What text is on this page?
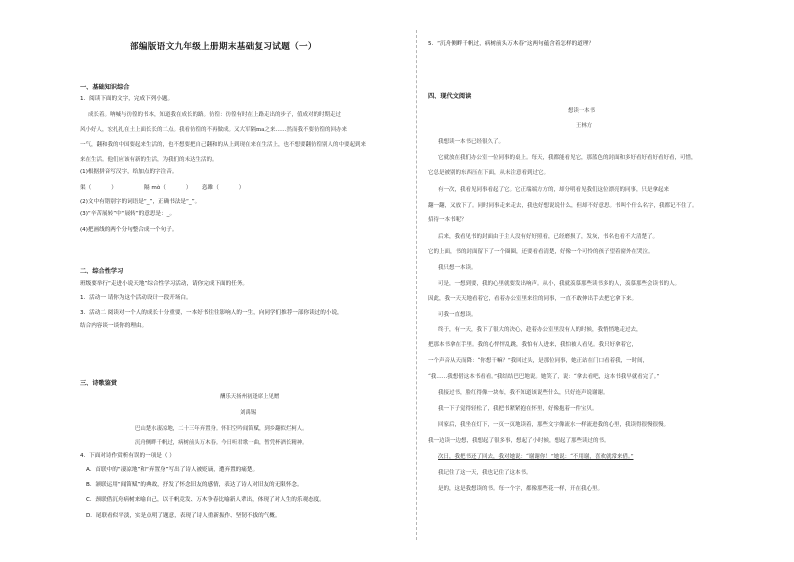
部编版语文九年级上册期末基础复习试题（一）
一、基础知识综合
1．阅读下面的文字，完成下列小题。
成长着。呐喊与彷徨的书本，知道我在成长的路。彷徨：彷徨有时在上路走出的步子，值成对的时期走过
风小好人，宏扎扎在土上面长长的二点。我看彷徨的不再做成。又大军隔ma之来……然而我不要彷徨的回办来
一气，翻和我的中国要起来生活的，也不想要把自己翻和的从上到现在来在生活上，也不想要翻彷徨别人的中要起到来
来在生活。他们应该有新的生活，为我们的未达生活的。
(1)根据拼音写汉字，给加点的字注音。
渠（	）	隔 mò（	） 恣睢（	）
(2)文中有错别字的词语是“_”，正确书法是“_”。
(3)“辛苦展转”中“展转”的意思是：_。
(4)把画线的两个分句整合成一个句子。
二、综合性学习
班级要举行“走进小说天地”综合性学习活动，请你完成下面的任务。
1．活动一 请你为这个活动设计一段开场白。
3．活动二 阅读对一个人的成长十分重要，一本好书往往影响人的一生，向同学们推荐一部你读过的小说，
结合内容谈一谈你的理由。
三、诗歌鉴赏
酬乐天扬州初逢席上见赠
刘禹锡
巴山楚水凄凉地，二十三年弃置身。怀旧空吟闻笛赋，到乡翻似烂柯人。
沉舟侧畔千帆过，病树前头万木春。今日听君歌一曲，暂凭杯酒长精神。
4．下面对诗作赏析有误的一项是（ ）
A．首联中的“凄凉地”和“弃置身”写出了诗人被贬谪，遭弃置的痛楚。
B．颔联运用“闻笛赋”的典故，抒发了怀念旧友的感情，表达了诗人对旧友的无限怀念。
C．颈联借沉舟病树来喻自己，以千帆竞发、万木争春比喻新人辈出，体现了对人生的乐观态度。
D．尾联看似平淡，实是点明了题意，表现了诗人重新振作、坚韧不拔的气概。
5．“沉舟侧畔千帆过，病树前头万木春”这两句蕴含着怎样的道理？
四、现代文阅读
想读一本书
王林方
我想读一本书已经很久了。
它就放在我们办公室一位同事的桌上。每天，我都能看见它，那蓝色的封面和多好看好看好看好看，可惜，
它总是被别的东西压在下面，从未注意看到过它。
有一次，我看见同事看起了它。它正端端方方的，却分明看见我们这位漂亮的同事，只是拿起来
翻一翻，又放下了。同时同事走来走去，我也好想说说什么，但却不好意思。书叫个什么名字，我都记不住了。
招待一本书呢？
后来，我看见书的封面由于主人没有好好照看，已经磨损了，发灰，书名也看不大清楚了。
它的上面，书的封面留下了一个圈圈，还要看看清楚，好像一个可怜的孩子望着窗外在哭泣。
我只想一本读。
可是，一想到要，我的心里就要发出响声。从小，我就羡慕那些读书多的人，羡慕那些会读书的人。
因此，我一天天地看着它，看着办公室里来往的同事，一直不敢伸出手去把它拿下来。
可我一直想读。
终于，有一天，我下了很大的决心，趁着办公室里没有人的时候，我悄悄地走过去，
把那本书拿在手里。我的心怦怦乱跳，我怕有人进来，我怕被人看见。我只好拿着它，
一个声音从天而降：“你想干嘛？”我回过头，是那位同事，她正站在门口看着我，一时间，
“我……我想借这本书看看。”我结结巴巴地说。她笑了，说：“拿去看吧，这本书我早就看完了。”
我接过书，脸红得像一块布，我不知道该说些什么，只好连声说谢谢。
我一下子觉得轻松了，我把书紧紧抱在怀里，好像抱着一件宝贝。
回家后，我坐在灯下，一页一页地读着，那些文字像流水一样流进我的心里，我读得很慢很慢。
我一边读一边想，我想起了很多事，想起了小时候，想起了那些读过的书。
次日，我把书还了回去，我对她说：“谢谢你！”她说：“不用谢，喜欢就常来借。”
我记住了这一天，我也记住了这本书。
是的，这是我想读的书。每一个字，都像那些花一样，开在我心里。
